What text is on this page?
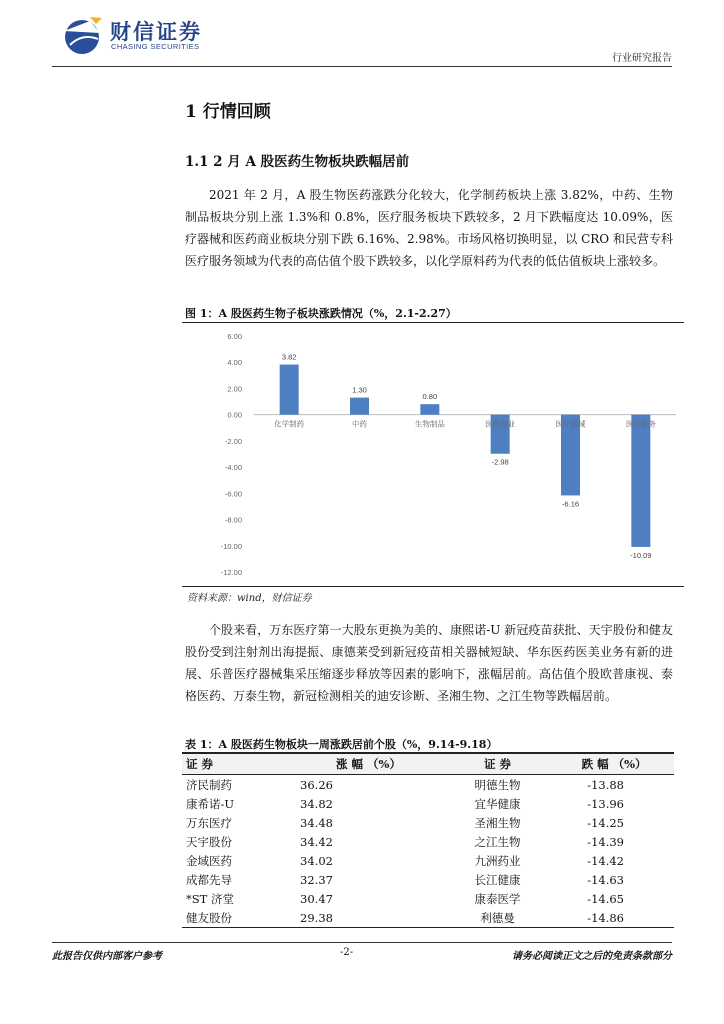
财信证券
CHASING SECURITIES
行业研究报告
1 行情回顾
1.1 2 月 A 股医药生物板块跌幅居前
2021 年 2 月，A 股生物医药涨跌分化较大，化学制药板块上涨 3.82%，中药、生物制品板块分别上涨 1.3%和 0.8%，医疗服务板块下跌较多，2 月下跌幅度达 10.09%，医疗器械和医药商业板块分别下跌 6.16%、2.98%。市场风格切换明显，以 CRO 和民营专科医疗服务领域为代表的高估值个股下跌较多，以化学原料药为代表的低估值板块上涨较多。
图 1：A 股医药生物子板块涨跌情况（%，2.1-2.27）
6.00
4.00
2.00
0.00
-2.00
-4.00
-6.00
-8.00
-10.00
-12.00
3.82
化学制药
1.30
中药
0.80
生物制品
-2.98
医药商业
-6.16
医疗器械
-10.09
医疗服务
资料来源：wind，财信证券
个股来看，万东医疗第一大股东更换为美的、康熙诺-U 新冠疫苗获批、天宇股份和健友股份受到注射剂出海提振、康德莱受到新冠疫苗相关器械短缺、华东医药医美业务有新的进展、乐普医疗器械集采压缩逐步释放等因素的影响下，涨幅居前。高估值个股欧普康视、泰格医药、万泰生物，新冠检测相关的迪安诊断、圣湘生物、之江生物等跌幅居前。
表 1：A 股医药生物板块一周涨跌居前个股（%，9.14-9.18）
证 券	涨 幅 （%）	证 券	跌 幅 （%）
济民制药	36.26	明德生物	-13.88
康希诺-U	34.82	宜华健康	-13.96
万东医疗	34.48	圣湘生物	-14.25
天宇股份	34.42	之江生物	-14.39
金域医药	34.02	九洲药业	-14.42
成都先导	32.37	长江健康	-14.63
*ST 济堂	30.47	康泰医学	-14.65
健友股份	29.38	利德曼	-14.86
此报告仅供内部客户参考	-2-	请务必阅读正文之后的免责条款部分
